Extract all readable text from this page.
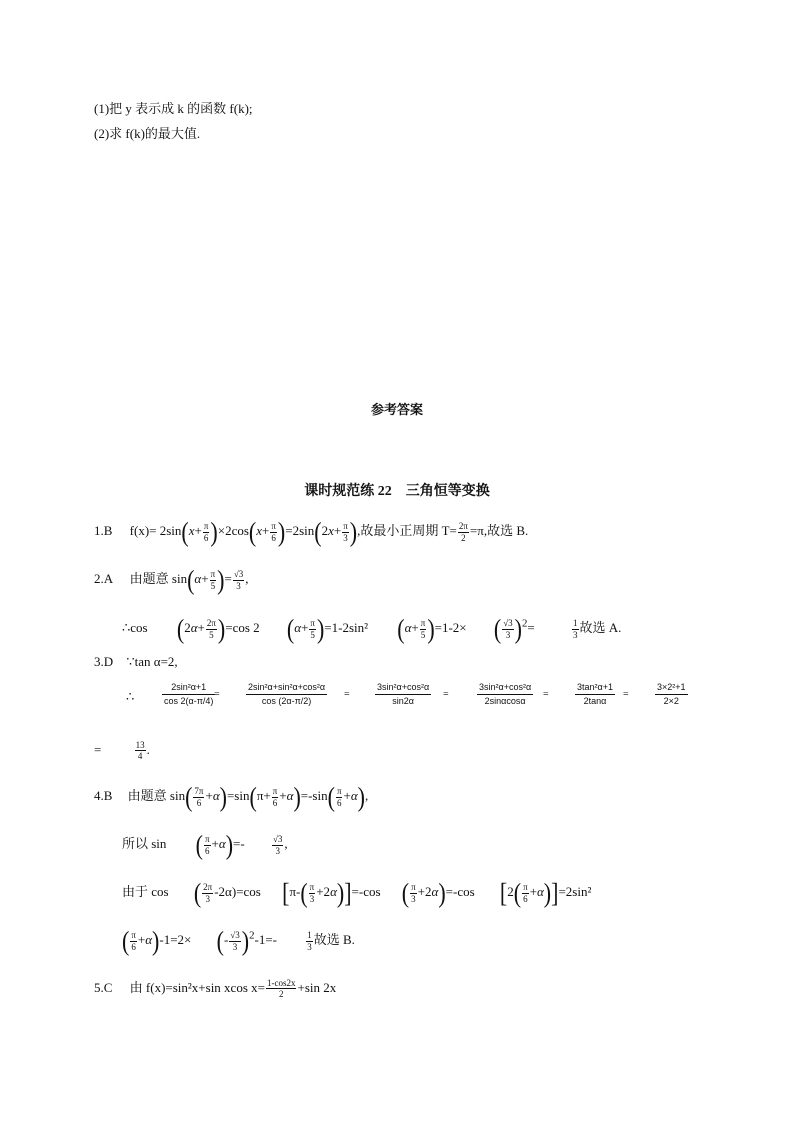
(1)把 y 表示成 k 的函数 f(k);
(2)求 f(k)的最大值.
参考答案
课时规范练 22　三角恒等变换
1.B $f(x)= 2\sin(x+ \frac{\pi}{6} )\times 2\cos(x+ \frac{\pi}{6} )=2\sin(2x+ \frac{\pi}{3}$ ),故最小正周期 $T= \frac{2\pi}{2} =\pi$,故选 B.
2.A 由题意 $\sin(\alpha+ \frac{\pi}{5}$ )= $\frac{√3}{3}$ ,
∴cos $(2\alpha+ \frac{2\pi}{5} )=\cos$ 2 $(\alpha+ \frac{\pi}{5} )=1-2\sin^2$ $(\alpha+ \frac{\pi}{5} )=1-2\times$ ( $\frac{√3}{3} )^2=$	$\frac{1}{3}$ 故选 A.
3.D ∵tan α=2,
∴	$\frac{\text{2sin²α+1}}{\cos 2(\alpha-\pi/4)}$
=	$\frac{\text{2sin²α+sin²α+cos²α}}{\cos (2\alpha-\pi/2)}$ =	$\frac{\text{3sin²α+cos²α}}{\sin 2\alpha}$ =	$\frac{\text{3sin²α+cos²α}}{2\sin\alpha\cos\alpha}$ =	$\frac{\text{3tan²α+1}}{2\tan\alpha}$ =	$\frac{\text{3×2²+1}}{2\times 2}$
=	$\frac{13}{4}$ .
4.B 由题意 $\sin( \frac{7\pi}{6} +\alpha)=\sin(\pi+ \frac{\pi}{6} +\alpha)=-\sin( \frac{\pi}{6} +\alpha)$,
所以 sin ( $\frac{\pi}{6} +\alpha)=-$	$\frac{√3}{3}$ ,
由于 cos ( $\frac{2\pi}{3} -2\alpha)=\cos$ $[\pi-( \frac{\pi}{3} +2\alpha)]=-\cos$ ( $\frac{\pi}{3} +2\alpha)=-\cos$ $[2( \frac{\pi}{6} +\alpha)]=2\sin^2$
( $\frac{\pi}{6} +\alpha)-1=2\times$ (- $\frac{√3}{3} )^2-1=-$	$\frac{1}{3}$ 故选 B.
5.C 由 f(x)=sin²x+sin xcos $x= \frac{1-\cos 2x}{2} +\sin$ 2x
